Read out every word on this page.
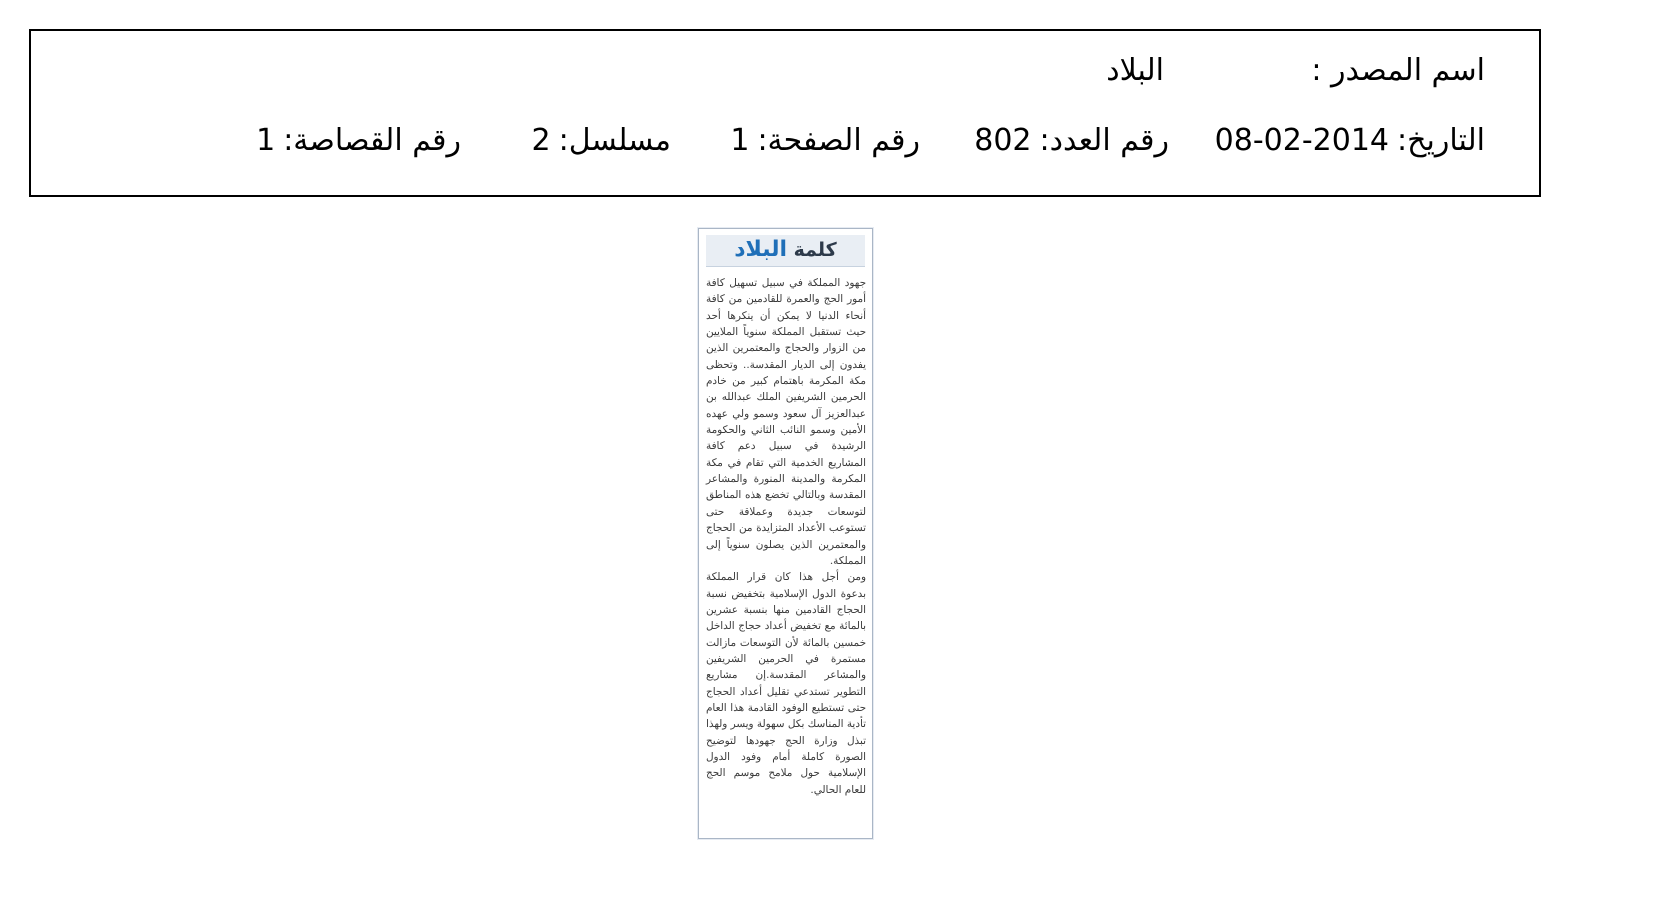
اسم المصدر :
البلاد
التاريخ:2014-02-08
رقم العدد:802
رقم الصفحة:1
مسلسل:2
رقم القصاصة:1
كلمة البلاد

جهود المملكة في سبيل تسهيل كافة أمور الحج والعمرة للقادمين من كافة أنحاء الدنيا لا يمكن أن ينكرها أحد حيث تستقبل المملكة سنوياً الملايين من الزوار والحجاج والمعتمرين الذين يفدون إلى الديار المقدسة.. وتحظى مكة المكرمة باهتمام كبير من خادم الحرمين الشريفين الملك عبدالله بن عبدالعزيز آل سعود وسمو ولي عهده الأمين وسمو النائب الثاني والحكومة الرشيدة في سبيل دعم كافة المشاريع الخدمية التي تقام في مكة المكرمة والمدينة المنورة والمشاعر المقدسة وبالتالي تخضع هذه المناطق لتوسعات جديدة وعملاقة حتى تستوعب الأعداد المتزايدة من الحجاج والمعتمرين الذين يصلون سنوياً إلى المملكة.

ومن أجل هذا كان قرار المملكة بدعوة الدول الإسلامية بتخفيض نسبة الحجاج القادمين منها بنسبة عشرين بالمائة مع تخفيض أعداد حجاج الداخل خمسين بالمائة لأن التوسعات مازالت مستمرة في الحرمين الشريفين والمشاعر المقدسة.إن مشاريع التطوير تستدعي تقليل أعداد الحجاج حتى تستطيع الوفود القادمة هذا العام تأدية المناسك بكل سهولة ويسر ولهذا تبذل وزارة الحج جهودها لتوضيح الصورة كاملة أمام وفود الدول الإسلامية حول ملامح موسم الحج للعام الحالي.
